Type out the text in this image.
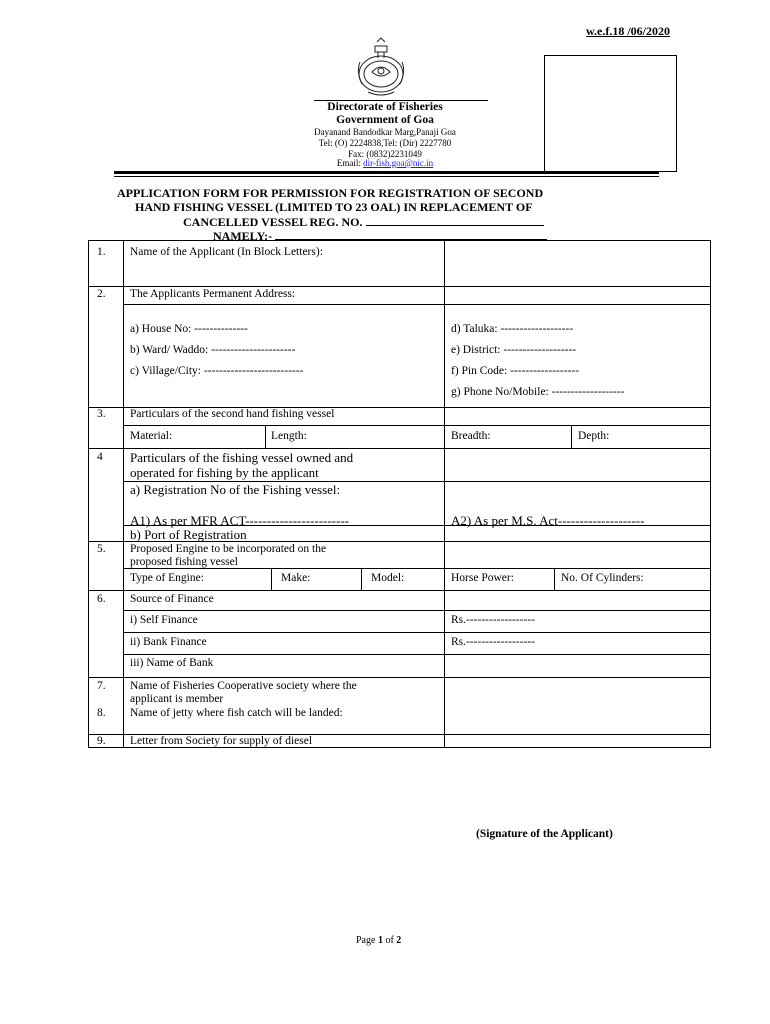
w.e.f.18 /06/2020
Directorate of Fisheries
Government of Goa
Dayanand Bandodkar Marg,Panaji Goa
Tel: (O) 2224838,Tel: (Dir) 2227780
Fax: (0832)2231049
Email: dir-fish.goa@nic.in
APPLICATION FORM FOR PERMISSION FOR REGISTRATION OF SECOND
HAND FISHING VESSEL (LIMITED TO 23 OAL) IN REPLACEMENT OF
CANCELLED VESSEL REG. NO.
NAMELY:-
1. Name of the Applicant (In Block Letters):
2. The Applicants Permanent Address:
a) House No: --------------
b) Ward/ Waddo: ----------------------
c) Village/City: --------------------------
d) Taluka: -------------------
e) District: -------------------
f) Pin Code: ------------------
g) Phone No/Mobile: -------------------
3. Particulars of the second hand fishing vessel
Material:	Length:	Breadth:	Depth:
4 Particulars of the fishing vessel owned and
operated for fishing by the applicant
a) Registration No of the Fishing vessel:
A1) As per MFR ACT------------------------	A2) As per M.S. Act--------------------
b) Port of Registration
5. Proposed Engine to be incorporated on the
proposed fishing vessel
Type of Engine:	Make:	Model:	Horse Power:	No. Of Cylinders:
6. Source of Finance
i) Self Finance	Rs.------------------
ii) Bank Finance	Rs.------------------
iii) Name of Bank
7. Name of Fisheries Cooperative society where the
applicant is member
8. Name of jetty where fish catch will be landed:
9. Letter from Society for supply of diesel
(Signature of the Applicant)
Page 1 of 2
